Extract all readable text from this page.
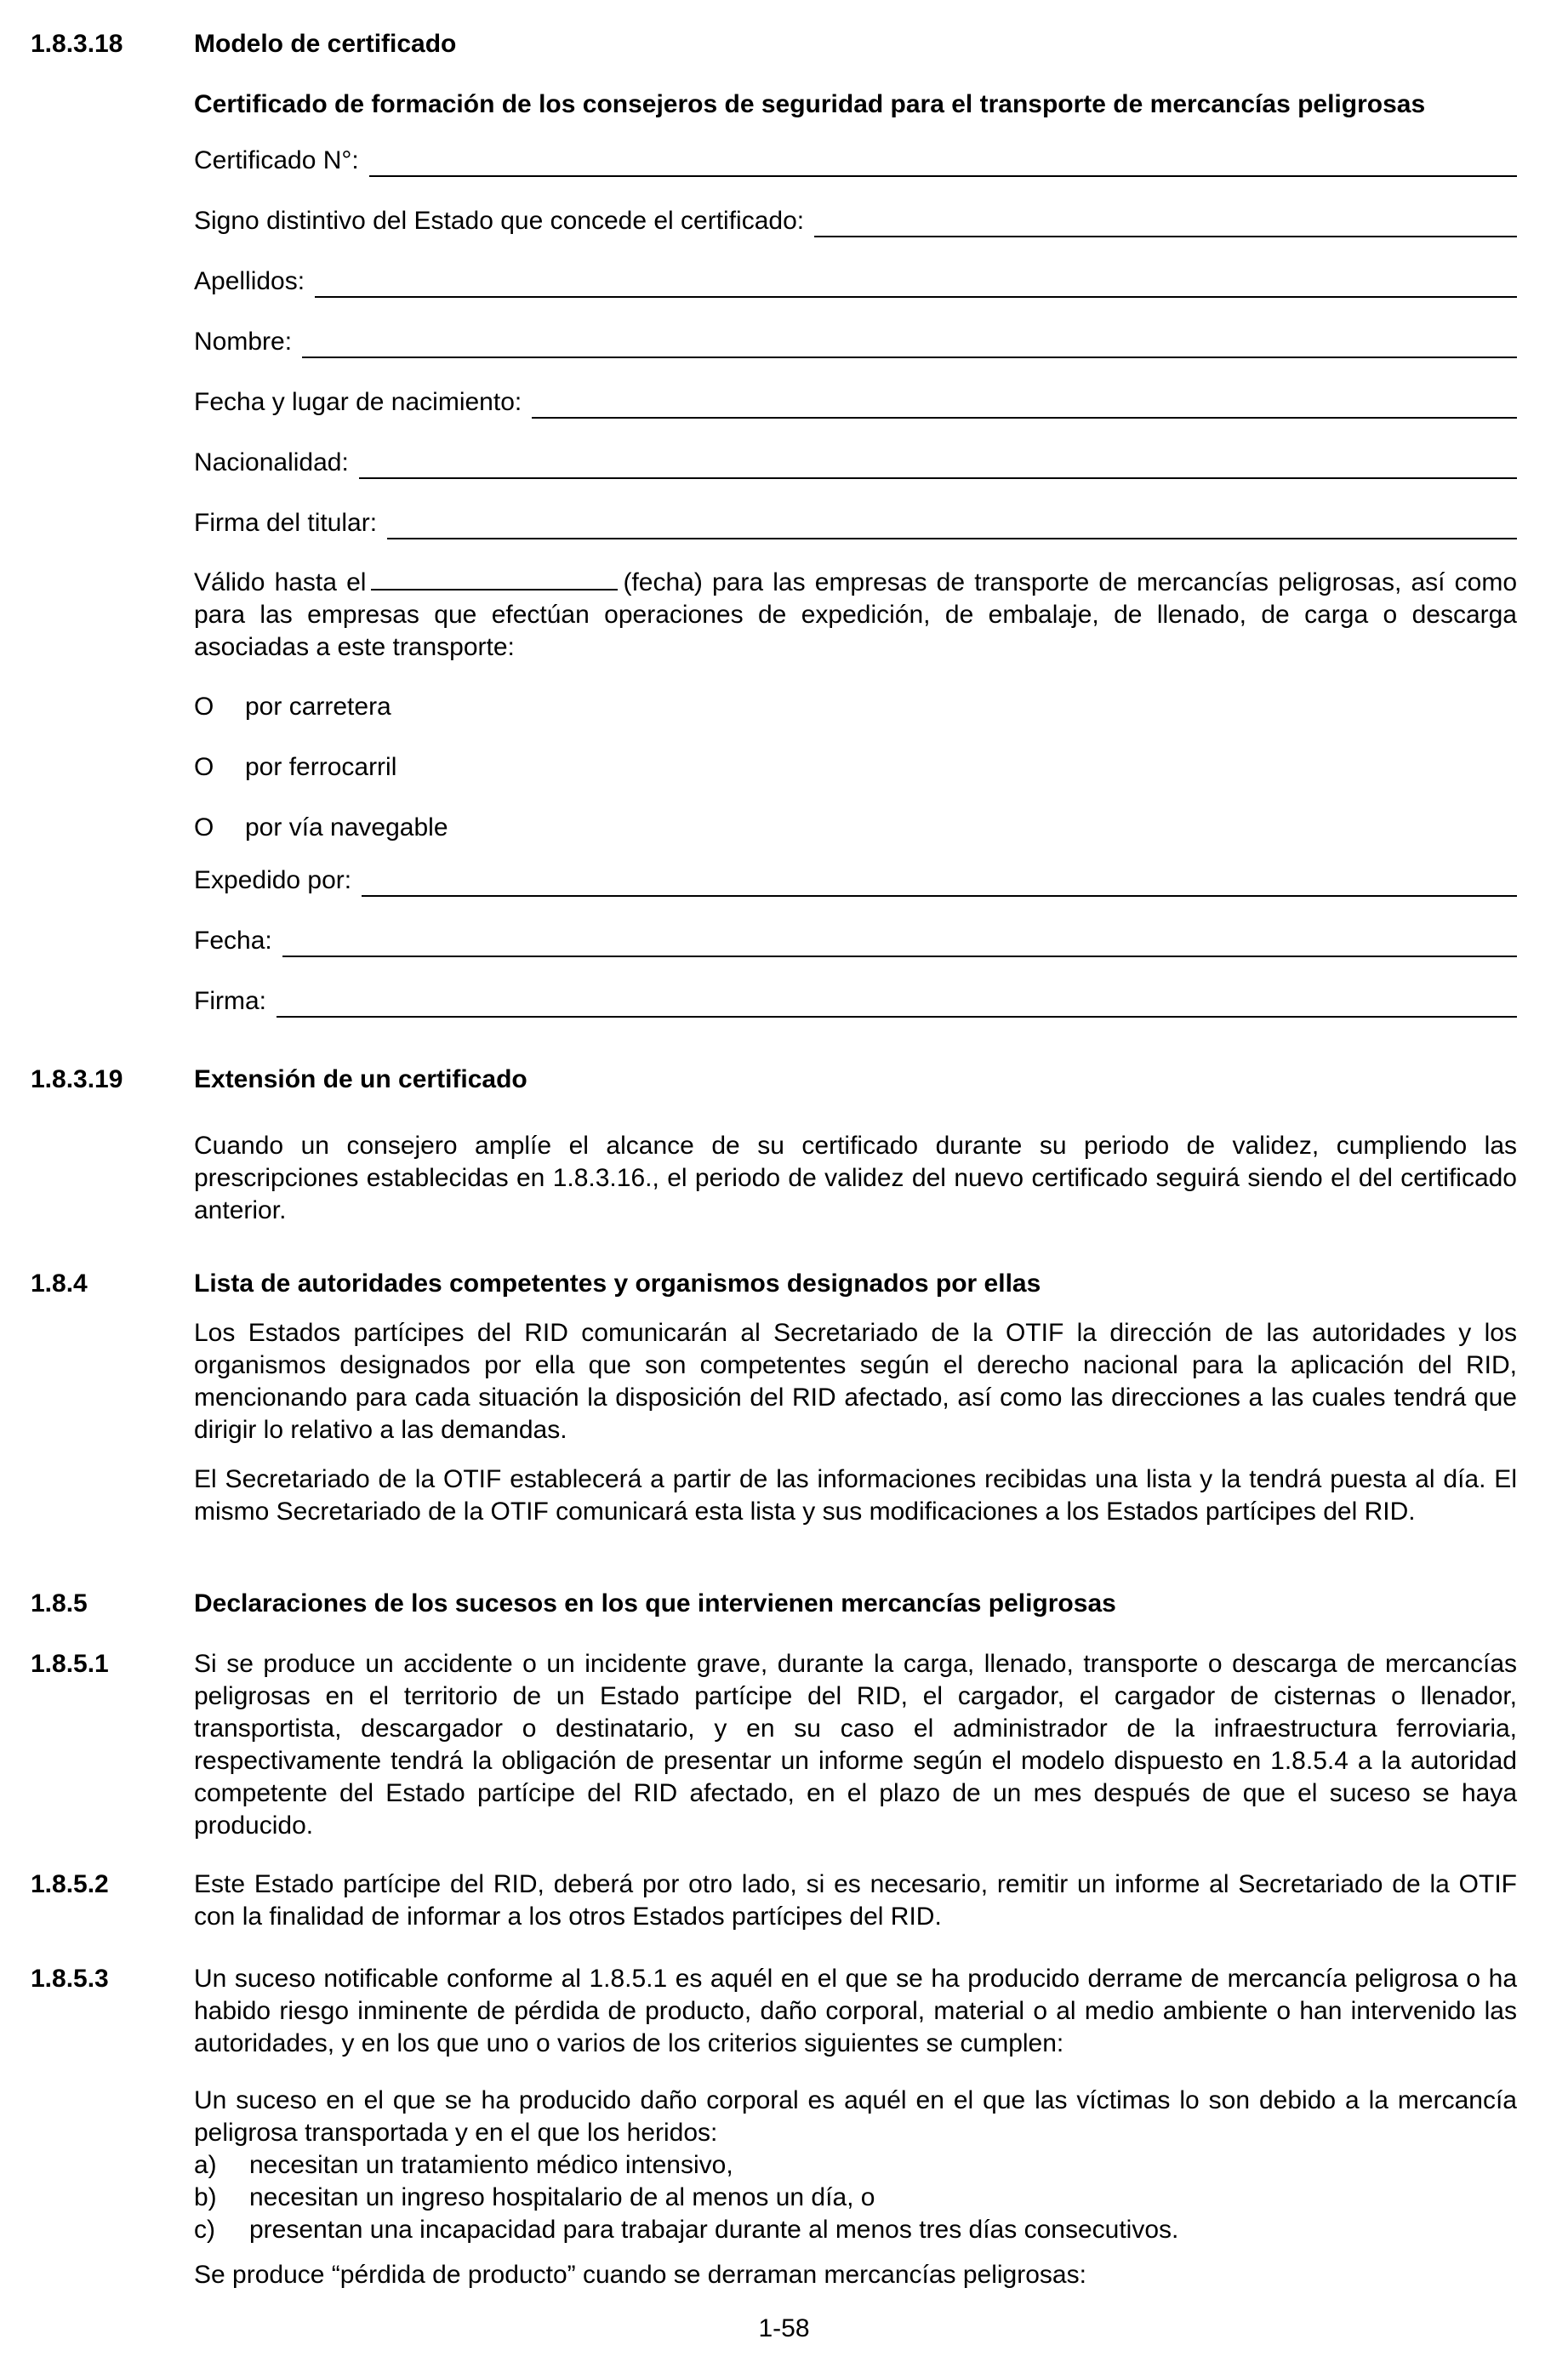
1.8.3.18	Modelo de certificado
Certificado de formación de los consejeros de seguridad para el transporte de mercancías peligrosas
Certificado N°:
Signo distintivo del Estado que concede el certificado:
Apellidos:
Nombre:
Fecha y lugar de nacimiento:
Nacionalidad:
Firma del titular:
Válido hasta el	(fecha) para las empresas de transporte de mercancías peligrosas, así como para las empresas que efectúan operaciones de expedición, de embalaje, de llenado, de carga o descarga asociadas a este transporte:
O	por carretera
O	por ferrocarril
O	por vía navegable
Expedido por:
Fecha:
Firma:
1.8.3.19	Extensión de un certificado
Cuando un consejero amplíe el alcance de su certificado durante su periodo de validez, cumpliendo las prescripciones establecidas en 1.8.3.16., el periodo de validez del nuevo certificado seguirá siendo el del certificado anterior.
1.8.4	Lista de autoridades competentes y organismos designados por ellas
Los Estados partícipes del RID comunicarán al Secretariado de la OTIF la dirección de las autoridades y los organismos designados por ella que son competentes según el derecho nacional para la aplicación del RID, mencionando para cada situación la disposición del RID afectado, así como las direcciones a las cuales tendrá que dirigir lo relativo a las demandas.
El Secretariado de la OTIF establecerá a partir de las informaciones recibidas una lista y la tendrá puesta al día. El mismo Secretariado de la OTIF comunicará esta lista y sus modificaciones a los Estados partícipes del RID.
1.8.5	Declaraciones de los sucesos en los que intervienen mercancías peligrosas
1.8.5.1	Si se produce un accidente o un incidente grave, durante la carga, llenado, transporte o descarga de mercancías peligrosas en el territorio de un Estado partícipe del RID, el cargador, el cargador de cisternas o llenador, transportista, descargador o destinatario, y en su caso el administrador de la infraestructura ferroviaria, respectivamente tendrá la obligación de presentar un informe según el modelo dispuesto en 1.8.5.4 a la autoridad competente del Estado partícipe del RID afectado, en el plazo de un mes después de que el suceso se haya producido.
1.8.5.2	Este Estado partícipe del RID, deberá por otro lado, si es necesario, remitir un informe al Secretariado de la OTIF con la finalidad de informar a los otros Estados partícipes del RID.
1.8.5.3	Un suceso notificable conforme al 1.8.5.1 es aquél en el que se ha producido derrame de mercancía peligrosa o ha habido riesgo inminente de pérdida de producto, daño corporal, material o al medio ambiente o han intervenido las autoridades, y en los que uno o varios de los criterios siguientes se cumplen:
Un suceso en el que se ha producido daño corporal es aquél en el que las víctimas lo son debido a la mercancía peligrosa transportada y en el que los heridos:
a)	necesitan un tratamiento médico intensivo,
b)	necesitan un ingreso hospitalario de al menos un día, o
c)	presentan una incapacidad para trabajar durante al menos tres días consecutivos.
Se produce “pérdida de producto” cuando se derraman mercancías peligrosas:
1-58
